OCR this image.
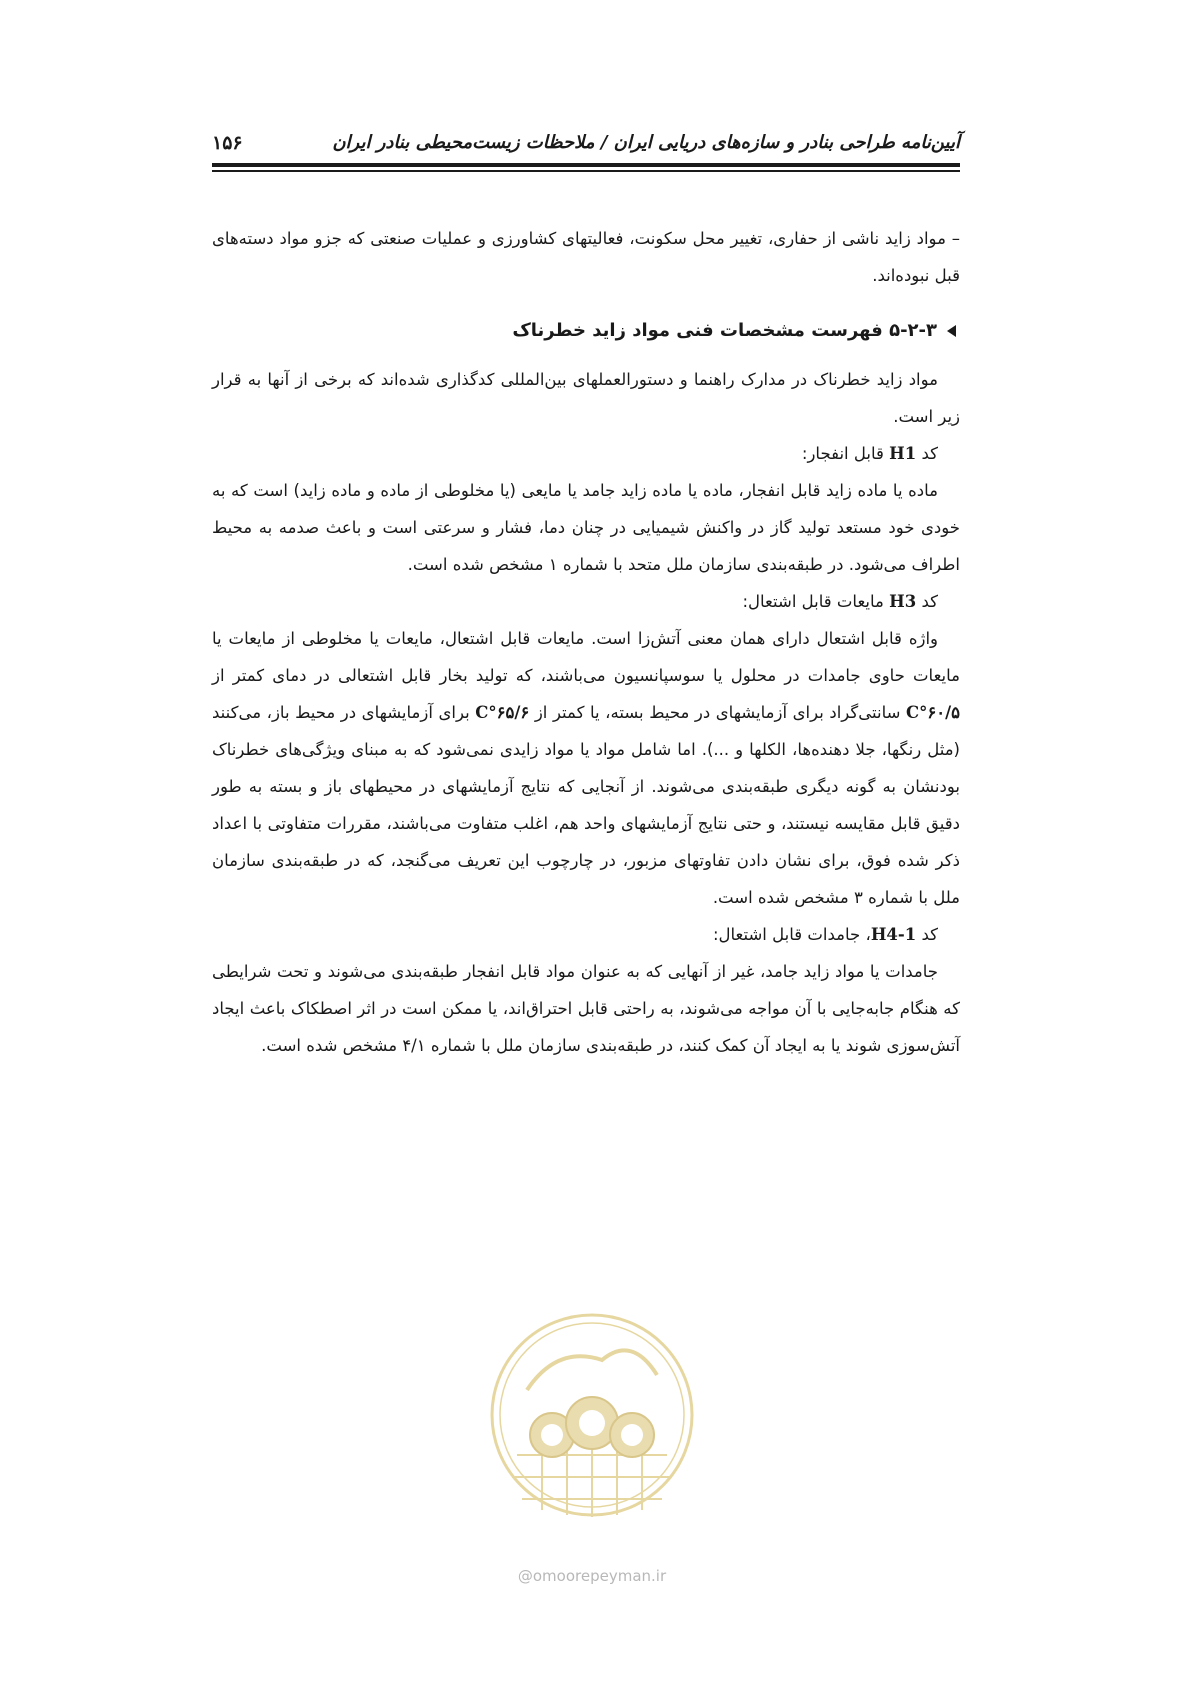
آیین‌نامه طراحی بنادر و سازه‌های دریایی ایران / ملاحظات زیست‌محیطی بنادر ایران
۱۵۶

– مواد زاید ناشی از حفاری، تغییر محل سکونت، فعالیتهای کشاورزی و عملیات صنعتی که جزو مواد دسته‌های قبل نبوده‌اند.

۵-۲-۳ فهرست مشخصات فنی مواد زاید خطرناک

مواد زاید خطرناک در مدارک راهنما و دستورالعملهای بین‌المللی کدگذاری شده‌اند که برخی از آنها به قرار زیر است.

کد H1 قابل انفجار:

ماده یا ماده زاید قابل انفجار، ماده یا ماده زاید جامد یا مایعی (یا مخلوطی از ماده و ماده زاید) است که به خودی خود مستعد تولید گاز در واکنش شیمیایی در چنان دما، فشار و سرعتی است و باعث صدمه به محیط اطراف می‌شود. در طبقه‌بندی سازمان ملل متحد با شماره ۱ مشخص شده است.

کد H3 مایعات قابل اشتعال:

واژه قابل اشتعال دارای همان معنی آتش‌زا است. مایعات قابل اشتعال، مایعات یا مخلوطی از مایعات یا مایعات حاوی جامدات در محلول یا سوسپانسیون می‌باشند، که تولید بخار قابل اشتعالی در دمای کمتر از ۶۰/۵°C سانتی‌گراد برای آزمایشهای در محیط بسته، یا کمتر از ۶۵/۶°C برای آزمایشهای در محیط باز، می‌کنند (مثل رنگها، جلا دهنده‌ها، الکلها و ...). اما شامل مواد یا مواد زایدی نمی‌شود که به مبنای ویژگی‌های خطرناک بودنشان به گونه دیگری طبقه‌بندی می‌شوند. از آنجایی که نتایج آزمایشهای در محیطهای باز و بسته به طور دقیق قابل مقایسه نیستند، و حتی نتایج آزمایشهای واحد هم، اغلب متفاوت می‌باشند، مقررات متفاوتی با اعداد ذکر شده فوق، برای نشان دادن تفاوتهای مزبور، در چارچوب این تعریف می‌گنجد، که در طبقه‌بندی سازمان ملل با شماره ۳ مشخص شده است.

کد H4-1، جامدات قابل اشتعال:

جامدات یا مواد زاید جامد، غیر از آنهایی که به عنوان مواد قابل انفجار طبقه‌بندی می‌شوند و تحت شرایطی که هنگام جابه‌جایی با آن مواجه می‌شوند، به راحتی قابل احتراق‌اند، یا ممکن است در اثر اصطکاک باعث ایجاد آتش‌سوزی شوند یا به ایجاد آن کمک کنند، در طبقه‌بندی سازمان ملل با شماره ۴/۱ مشخص شده است.

@omoorepeyman.ir
